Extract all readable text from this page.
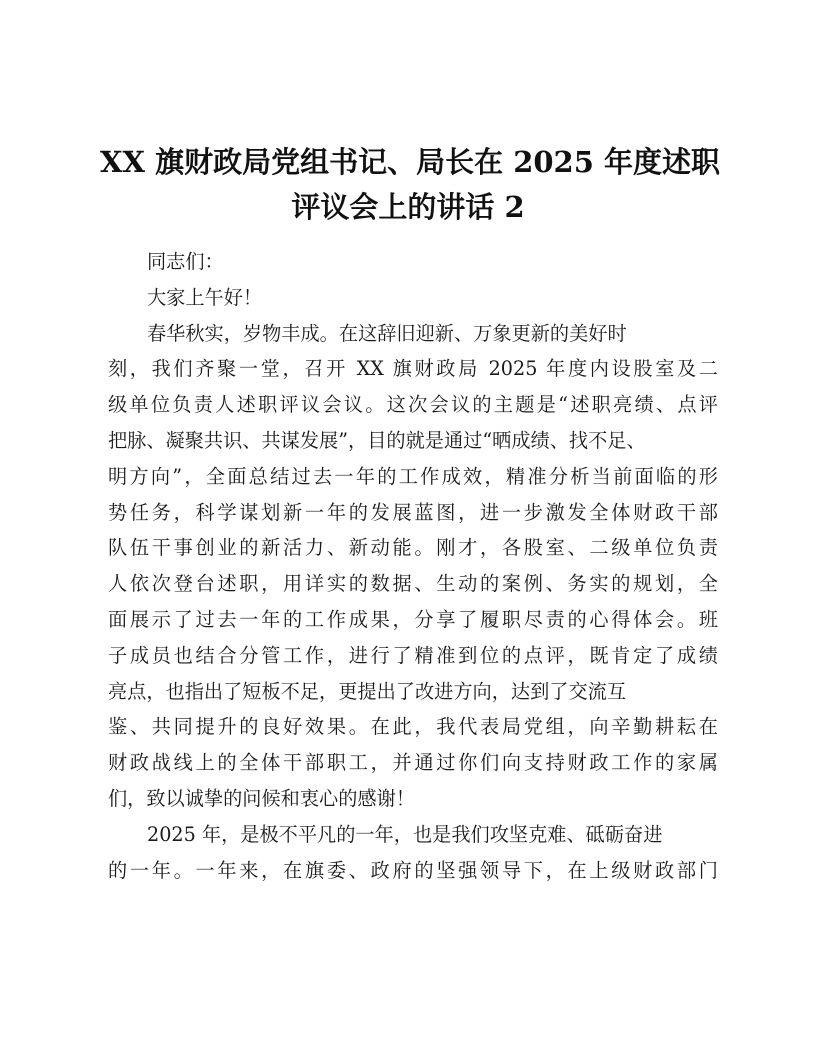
XX 旗财政局党组书记、局长在 2025 年度述职
评议会上的讲话 2
同志们：
大家上午好！
春华秋实，岁物丰成。在这辞旧迎新、万象更新的美好时
刻，我们齐聚一堂，召开 XX 旗财政局 2025 年度内设股室及二
级单位负责人述职评议会议。这次会议的主题是“述职亮绩、点评
把脉、凝聚共识、共谋发展”，目的就是通过“晒成绩、找不足、
明方向”，全面总结过去一年的工作成效，精准分析当前面临的形
势任务，科学谋划新一年的发展蓝图，进一步激发全体财政干部
队伍干事创业的新活力、新动能。刚才，各股室、二级单位负责
人依次登台述职，用详实的数据、生动的案例、务实的规划，全
面展示了过去一年的工作成果，分享了履职尽责的心得体会。班
子成员也结合分管工作，进行了精准到位的点评，既肯定了成绩
亮点，也指出了短板不足，更提出了改进方向，达到了交流互
鉴、共同提升的良好效果。在此，我代表局党组，向辛勤耕耘在
财政战线上的全体干部职工，并通过你们向支持财政工作的家属
们，致以诚挚的问候和衷心的感谢！
2025 年，是极不平凡的一年，也是我们攻坚克难、砥砺奋进
的一年。一年来，在旗委、政府的坚强领导下，在上级财政部门
